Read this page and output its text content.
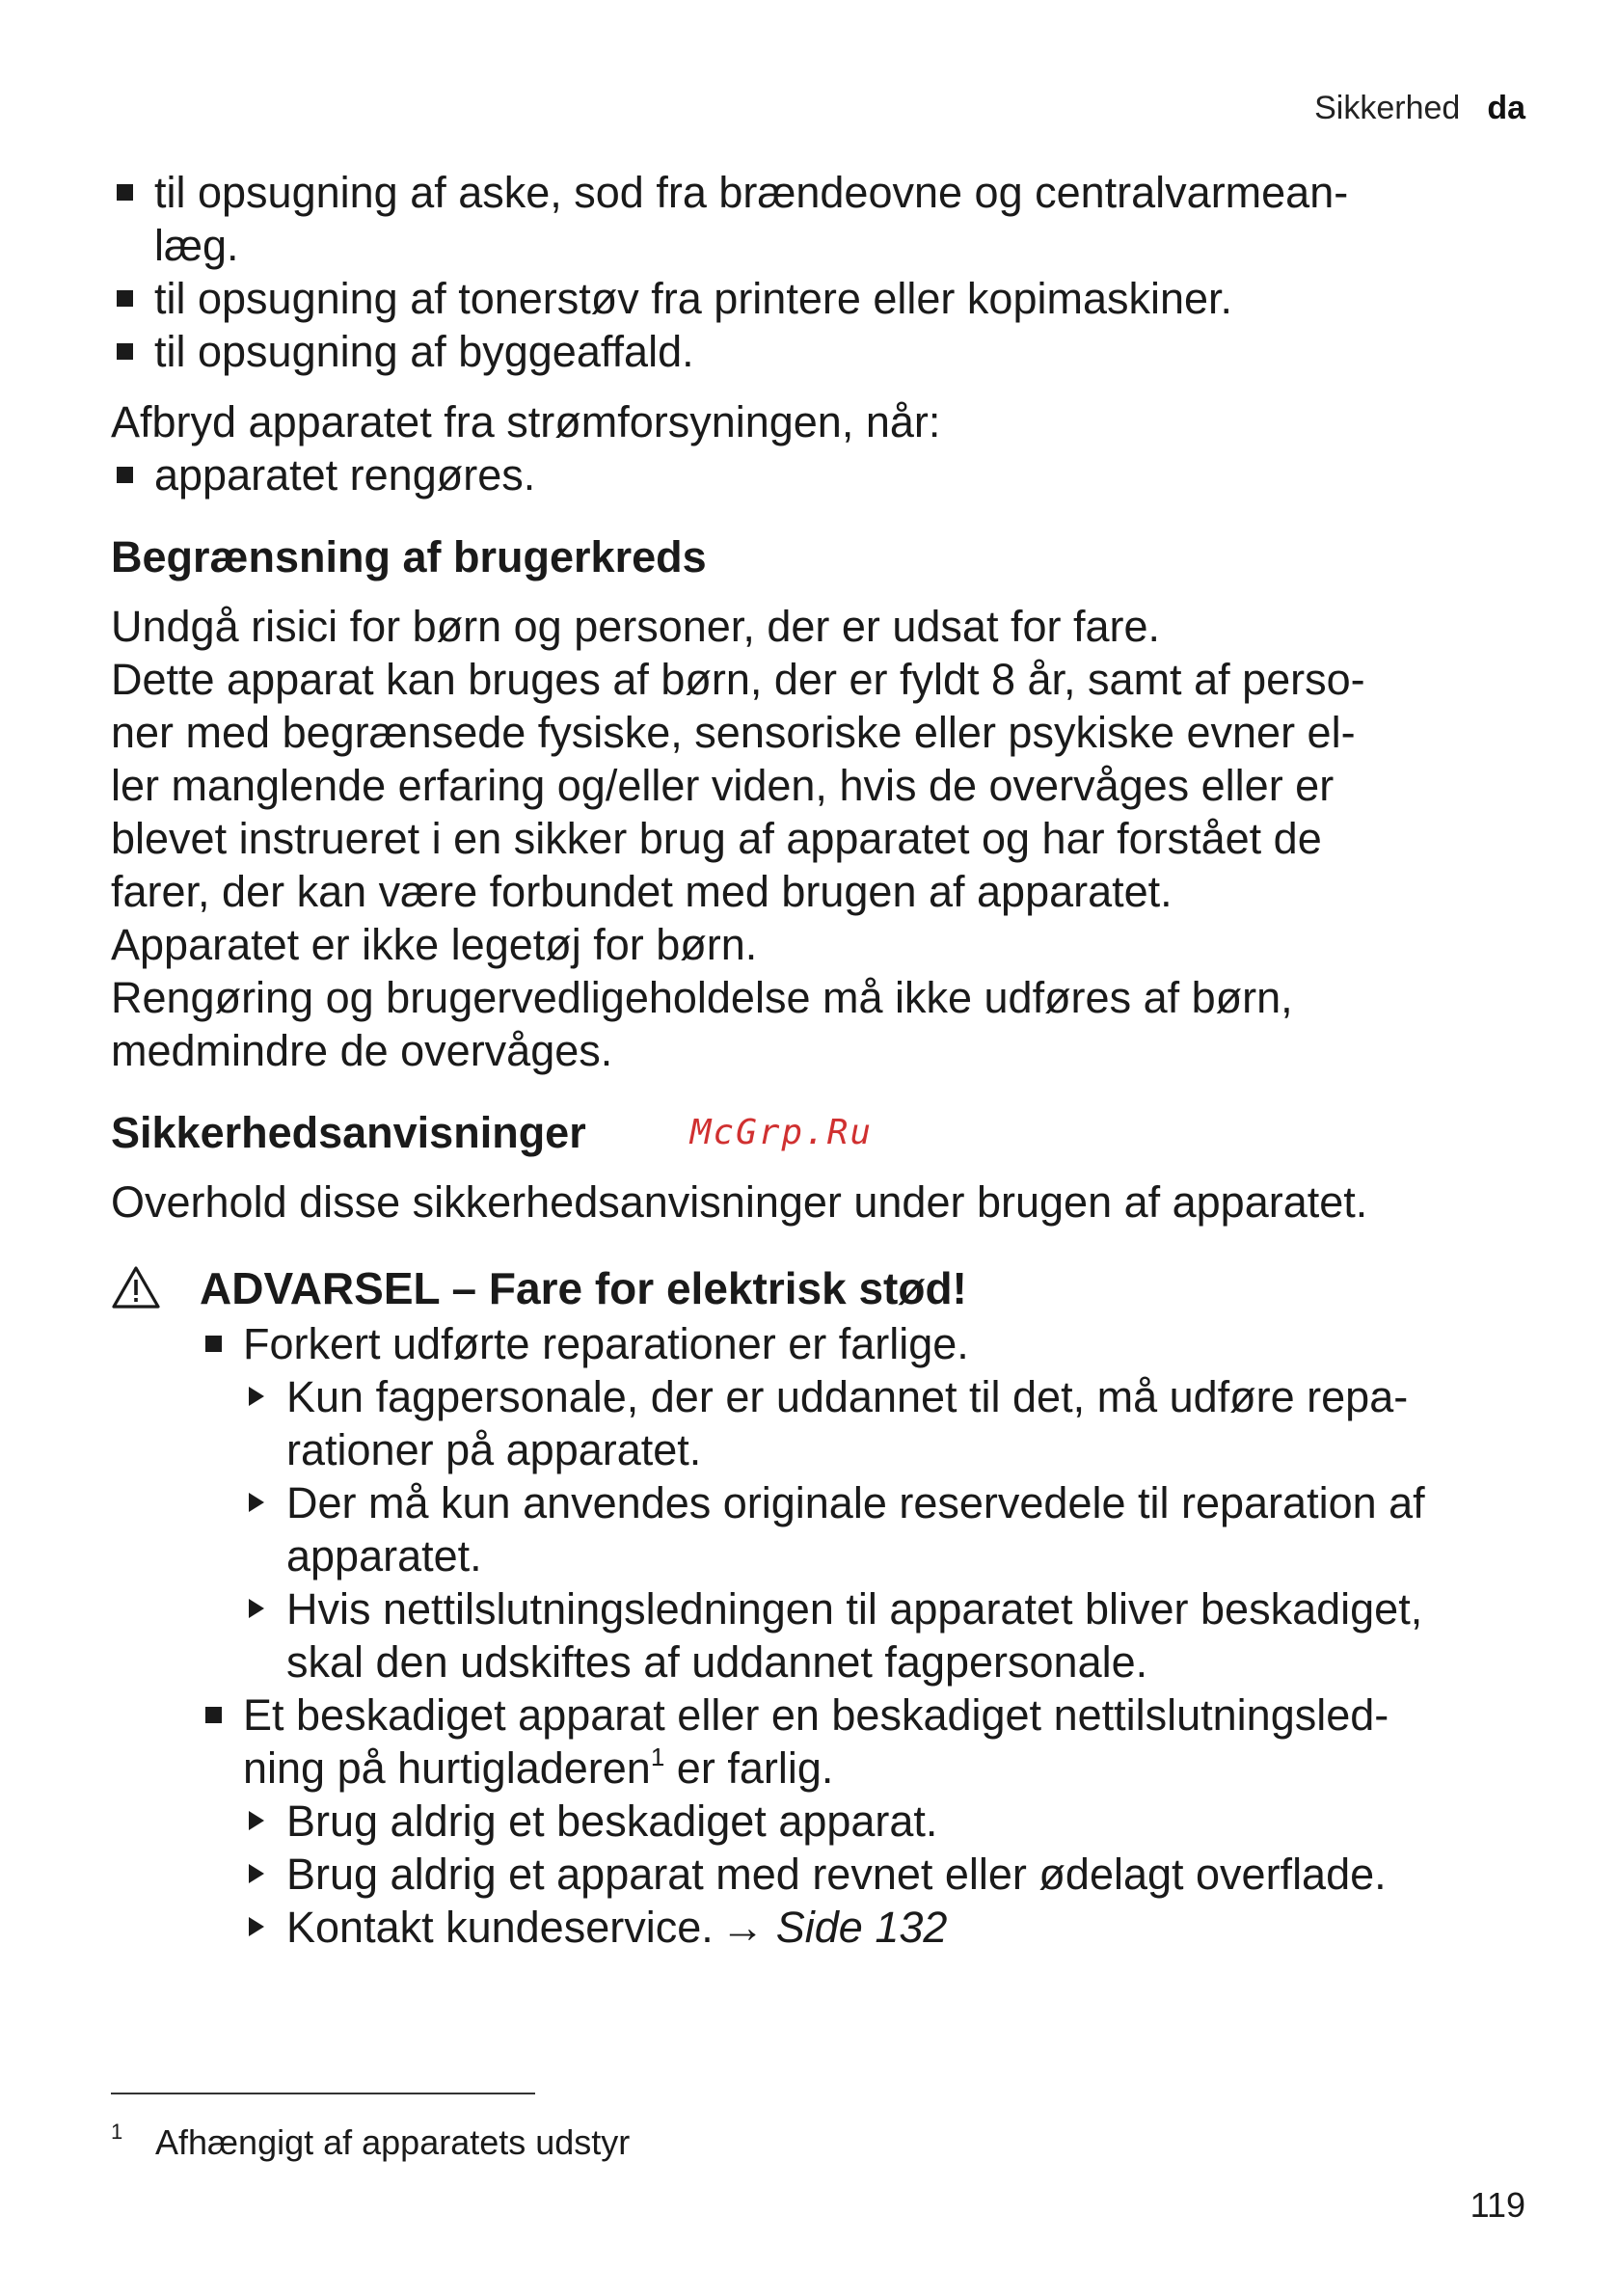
Sikkerhed da
til opsugning af aske, sod fra brændeovne og centralvarmean-
læg.
til opsugning af tonerstøv fra printere eller kopimaskiner.
til opsugning af byggeaffald.

Afbryd apparatet fra strømforsyningen, når:

apparatet rengøres.
Begrænsning af brugerkreds

Undgå risici for børn og personer, der er udsat for fare.

Dette apparat kan bruges af børn, der er fyldt 8 år, samt af perso-

ner med begrænsede fysiske, sensoriske eller psykiske evner el-

ler manglende erfaring og/eller viden, hvis de overvåges eller er

blevet instrueret i en sikker brug af apparatet og har forstået de

farer, der kan være forbundet med brugen af apparatet.

Apparatet er ikke legetøj for børn.

Rengøring og brugervedligeholdelse må ikke udføres af børn,

medmindre de overvåges.

Sikkerhedsanvisninger	McGrp.Ru

Overhold disse sikkerhedsanvisninger under brugen af apparatet.

ADVARSEL – Fare for elektrisk stød!
Forkert udførte reparationer er farlige.
Kun fagpersonale, der er uddannet til det, må udføre repa-
rationer på apparatet.
Der må kun anvendes originale reservedele til reparation af
apparatet.
Hvis nettilslutningsledningen til apparatet bliver beskadiget,
skal den udskiftes af uddannet fagpersonale.
Et beskadiget apparat eller en beskadiget nettilslutningsled-
ning på hurtigladeren$^1$ er farlig.
Brug aldrig et beskadiget apparat.
Brug aldrig et apparat med revnet eller ødelagt overflade.
Kontakt kundeservice. → Side 132
1 Afhængigt af apparatets udstyr
119
